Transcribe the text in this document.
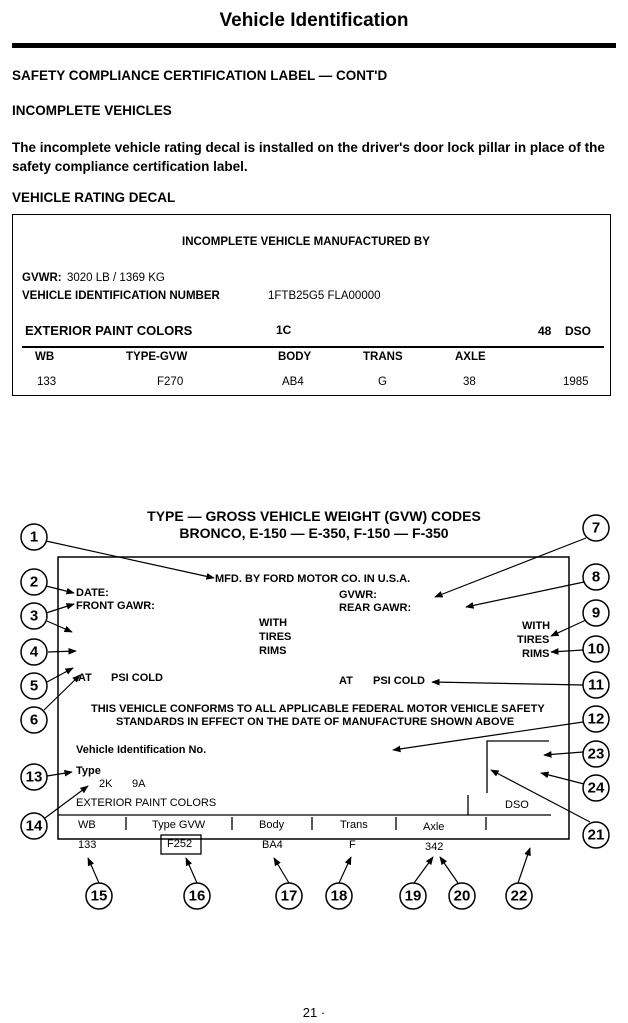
Vehicle Identification
SAFETY COMPLIANCE CERTIFICATION LABEL — CONT'D
INCOMPLETE VEHICLES
The incomplete vehicle rating decal is installed on the driver's door lock pillar in place of the safety compliance certification label.
VEHICLE RATING DECAL
INCOMPLETE VEHICLE MANUFACTURED BY
GVWR: 3020 LB / 1369 KG
VEHICLE IDENTIFICATION NUMBER	1FTB25G5 FLA00000
EXTERIOR PAINT COLORS	1C	48 DSO
WB	TYPE-GVW	BODY	TRANS	AXLE
133	F270	AB4	G	38	1985
TYPE — GROSS VEHICLE WEIGHT (GVW) CODES
BRONCO, E-150 — E-350, F-150 — F-350
1
2
3
4
5
6
7
8
9
10
11
12
13
14
15	16	17 18	19 20
21
22
23
24
MFD. BY FORD MOTOR CO. IN U.S.A.
DATE:	GVWR:
FRONT GAWR:	REAR GAWR:
WITH
TIRES
RIMS
WITH
TIRES
RIMS
AT PSI COLD	AT PSI COLD
THIS VEHICLE CONFORMS TO ALL APPLICABLE FEDERAL MOTOR VEHICLE SAFETY
STANDARDS IN EFFECT ON THE DATE OF MANUFACTURE SHOWN ABOVE
Vehicle Identification No.
Type
2K 9A
EXTERIOR PAINT COLORS	DSO
WB	Type GVW	Body	Trans	Axle
133	F252	BA4	F	342
21 ·
